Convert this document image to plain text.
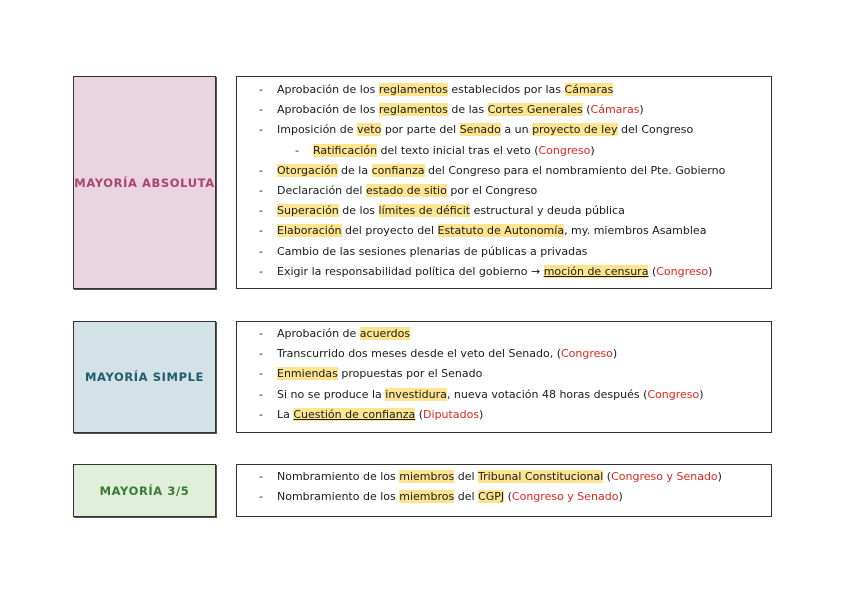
MAYORÍA ABSOLUTA
- Aprobación de los reglamentos establecidos por las Cámaras
- Aprobación de los reglamentos de las Cortes Generales (Cámaras)
- Imposición de veto por parte del Senado a un proyecto de ley del Congreso
- Ratificación del texto inicial tras el veto (Congreso)
- Otorgación de la confianza del Congreso para el nombramiento del Pte. Gobierno
- Declaración del estado de sitio por el Congreso
- Superación de los límites de déficit estructural y deuda pública
- Elaboración del proyecto del Estatuto de Autonomía, my. miembros Asamblea
- Cambio de las sesiones plenarias de públicas a privadas
- Exigir la responsabilidad política del gobierno → moción de censura (Congreso)
MAYORÍA SIMPLE
- Aprobación de acuerdos
- Transcurrido dos meses desde el veto del Senado, (Congreso)
- Enmiendas propuestas por el Senado
- Si no se produce la investidura, nueva votación 48 horas después (Congreso)
- La Cuestión de confianza (Diputados)
MAYORÍA 3/5
- Nombramiento de los miembros del Tribunal Constitucional (Congreso y Senado)
- Nombramiento de los miembros del CGPJ (Congreso y Senado)
